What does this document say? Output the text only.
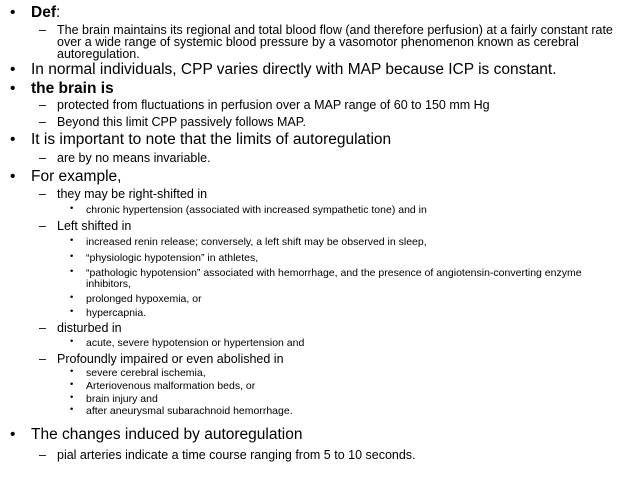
• Def:
– The brain maintains its regional and total blood flow (and therefore perfusion) at a fairly constant rate
over a wide range of systemic blood pressure by a vasomotor phenomenon known as cerebral
autoregulation.
• In normal individuals, CPP varies directly with MAP because ICP is constant.
• the brain is
– protected from fluctuations in perfusion over a MAP range of 60 to 150 mm Hg
– Beyond this limit CPP passively follows MAP.
• It is important to note that the limits of autoregulation
– are by no means invariable.
• For example,
– they may be right-shifted in
• chronic hypertension (associated with increased sympathetic tone) and in
– Left shifted in
• increased renin release; conversely, a left shift may be observed in sleep,
• “physiologic hypotension” in athletes,
• “pathologic hypotension” associated with hemorrhage, and the presence of angiotensin-converting enzyme
inhibitors,
• prolonged hypoxemia, or
• hypercapnia.
– disturbed in
• acute, severe hypotension or hypertension and
– Profoundly impaired or even abolished in
• severe cerebral ischemia,
• Arteriovenous malformation beds, or
• brain injury and
• after aneurysmal subarachnoid hemorrhage.
• The changes induced by autoregulation
– pial arteries indicate a time course ranging from 5 to 10 seconds.
